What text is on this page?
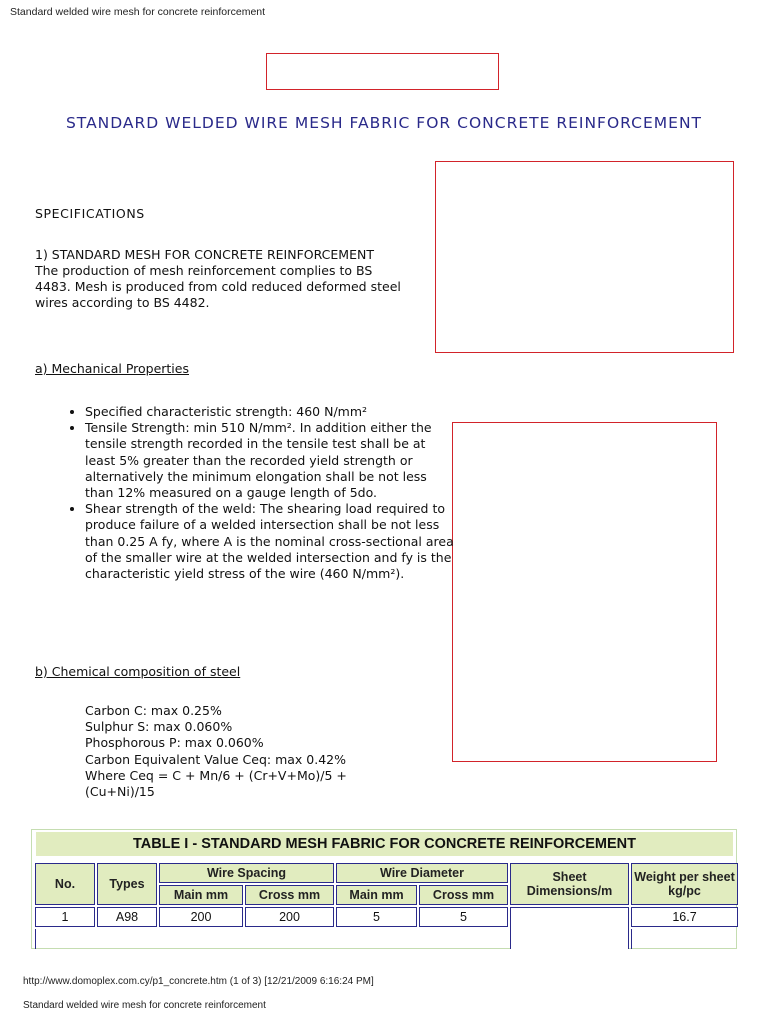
Standard welded wire mesh for concrete reinforcement
STANDARD WELDED WIRE MESH FABRIC FOR CONCRETE REINFORCEMENT
SPECIFICATIONS
1) STANDARD MESH FOR CONCRETE REINFORCEMENT
The production of mesh reinforcement complies to BS 4483. Mesh is produced from cold reduced deformed steel wires according to BS 4482.
a) Mechanical Properties
• Specified characteristic strength: 460 N/mm²
• Tensile Strength: min 510 N/mm². In addition either the tensile strength recorded in the tensile test shall be at least 5% greater than the recorded yield strength or alternatively the minimum elongation shall be not less than 12% measured on a gauge length of 5do.
• Shear strength of the weld: The shearing load required to produce failure of a welded intersection shall be not less than 0.25 A fy, where A is the nominal cross-sectional area of the smaller wire at the welded intersection and fy is the characteristic yield stress of the wire (460 N/mm²).
b) Chemical composition of steel
Carbon C: max 0.25%
Sulphur S: max 0.060%
Phosphorous P: max 0.060%
Carbon Equivalent Value Ceq: max 0.42%
Where Ceq = C + Mn/6 + (Cr+V+Mo)/5 + (Cu+Ni)/15
TABLE I - STANDARD MESH FABRIC FOR CONCRETE REINFORCEMENT
No.	Types	Wire Spacing		Wire Diameter		Sheet Dimensions/m	Weight per sheet kg/pc
		Main mm	Cross mm	Main mm	Cross mm		
1	A98	200	200	5	5		16.7

http://www.domoplex.com.cy/p1_concrete.htm (1 of 3) [12/21/2009 6:16:24 PM]
Standard welded wire mesh for concrete reinforcement
